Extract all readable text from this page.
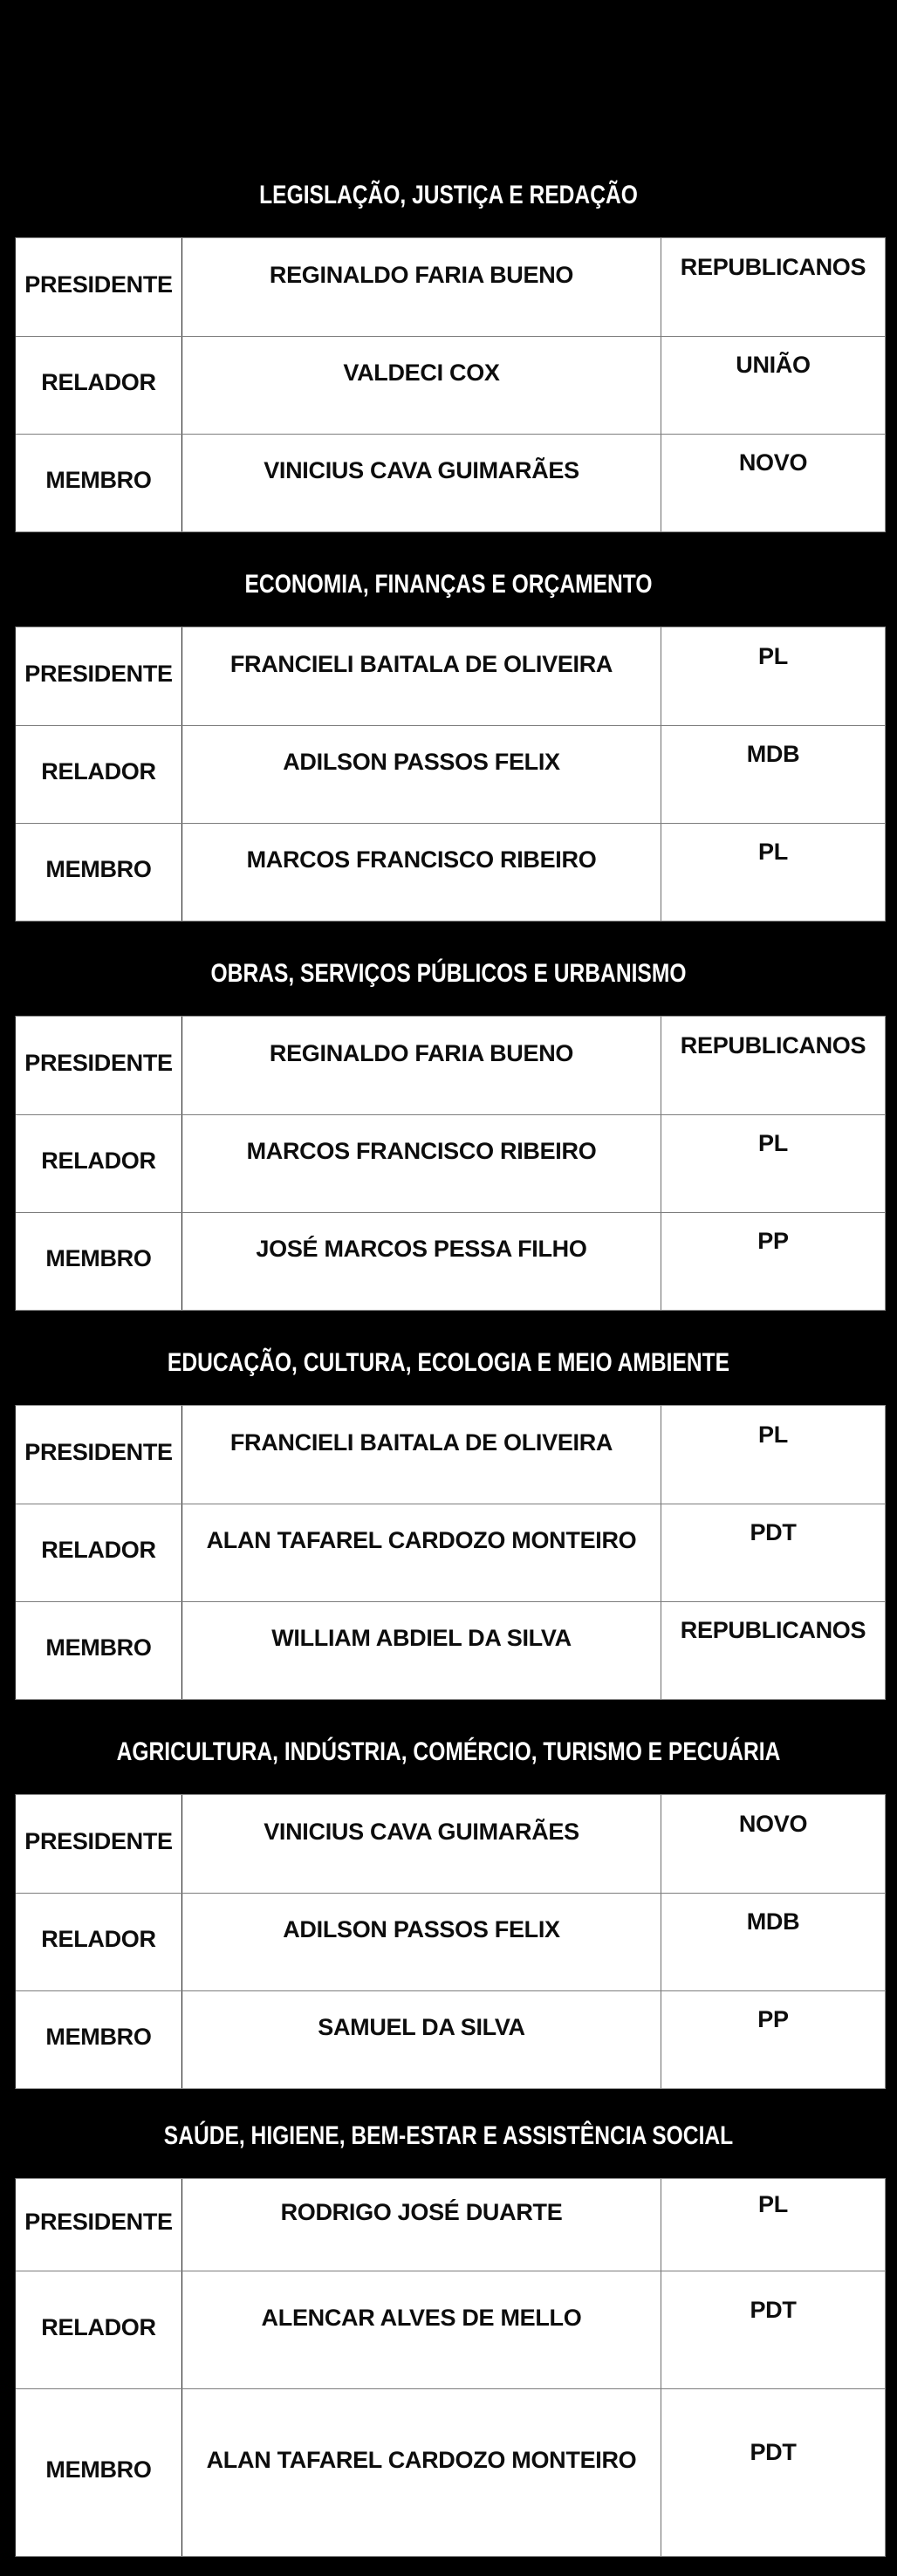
LEGISLAÇÃO, JUSTIÇA E REDAÇÃO
PRESIDENTE	REGINALDO FARIA BUENO	REPUBLICANOS
RELADOR	VALDECI COX	UNIÃO
MEMBRO	VINICIUS CAVA GUIMARÃES	NOVO
ECONOMIA, FINANÇAS E ORÇAMENTO
PRESIDENTE	FRANCIELI BAITALA DE OLIVEIRA	PL
RELADOR	ADILSON PASSOS FELIX	MDB
MEMBRO	MARCOS FRANCISCO RIBEIRO	PL
OBRAS, SERVIÇOS PÚBLICOS E URBANISMO
PRESIDENTE	REGINALDO FARIA BUENO	REPUBLICANOS
RELADOR	MARCOS FRANCISCO RIBEIRO	PL
MEMBRO	JOSÉ MARCOS PESSA FILHO	PP
EDUCAÇÃO, CULTURA, ECOLOGIA E MEIO AMBIENTE
PRESIDENTE	FRANCIELI BAITALA DE OLIVEIRA	PL
RELADOR	ALAN TAFAREL CARDOZO MONTEIRO	PDT
MEMBRO	WILLIAM ABDIEL DA SILVA	REPUBLICANOS
AGRICULTURA, INDÚSTRIA, COMÉRCIO, TURISMO E PECUÁRIA
PRESIDENTE	VINICIUS CAVA GUIMARÃES	NOVO
RELADOR	ADILSON PASSOS FELIX	MDB
MEMBRO	SAMUEL DA SILVA	PP
SAÚDE, HIGIENE, BEM-ESTAR E ASSISTÊNCIA SOCIAL
PRESIDENTE	RODRIGO JOSÉ DUARTE	PL
RELADOR	ALENCAR ALVES DE MELLO	PDT
MEMBRO	ALAN TAFAREL CARDOZO MONTEIRO	PDT
